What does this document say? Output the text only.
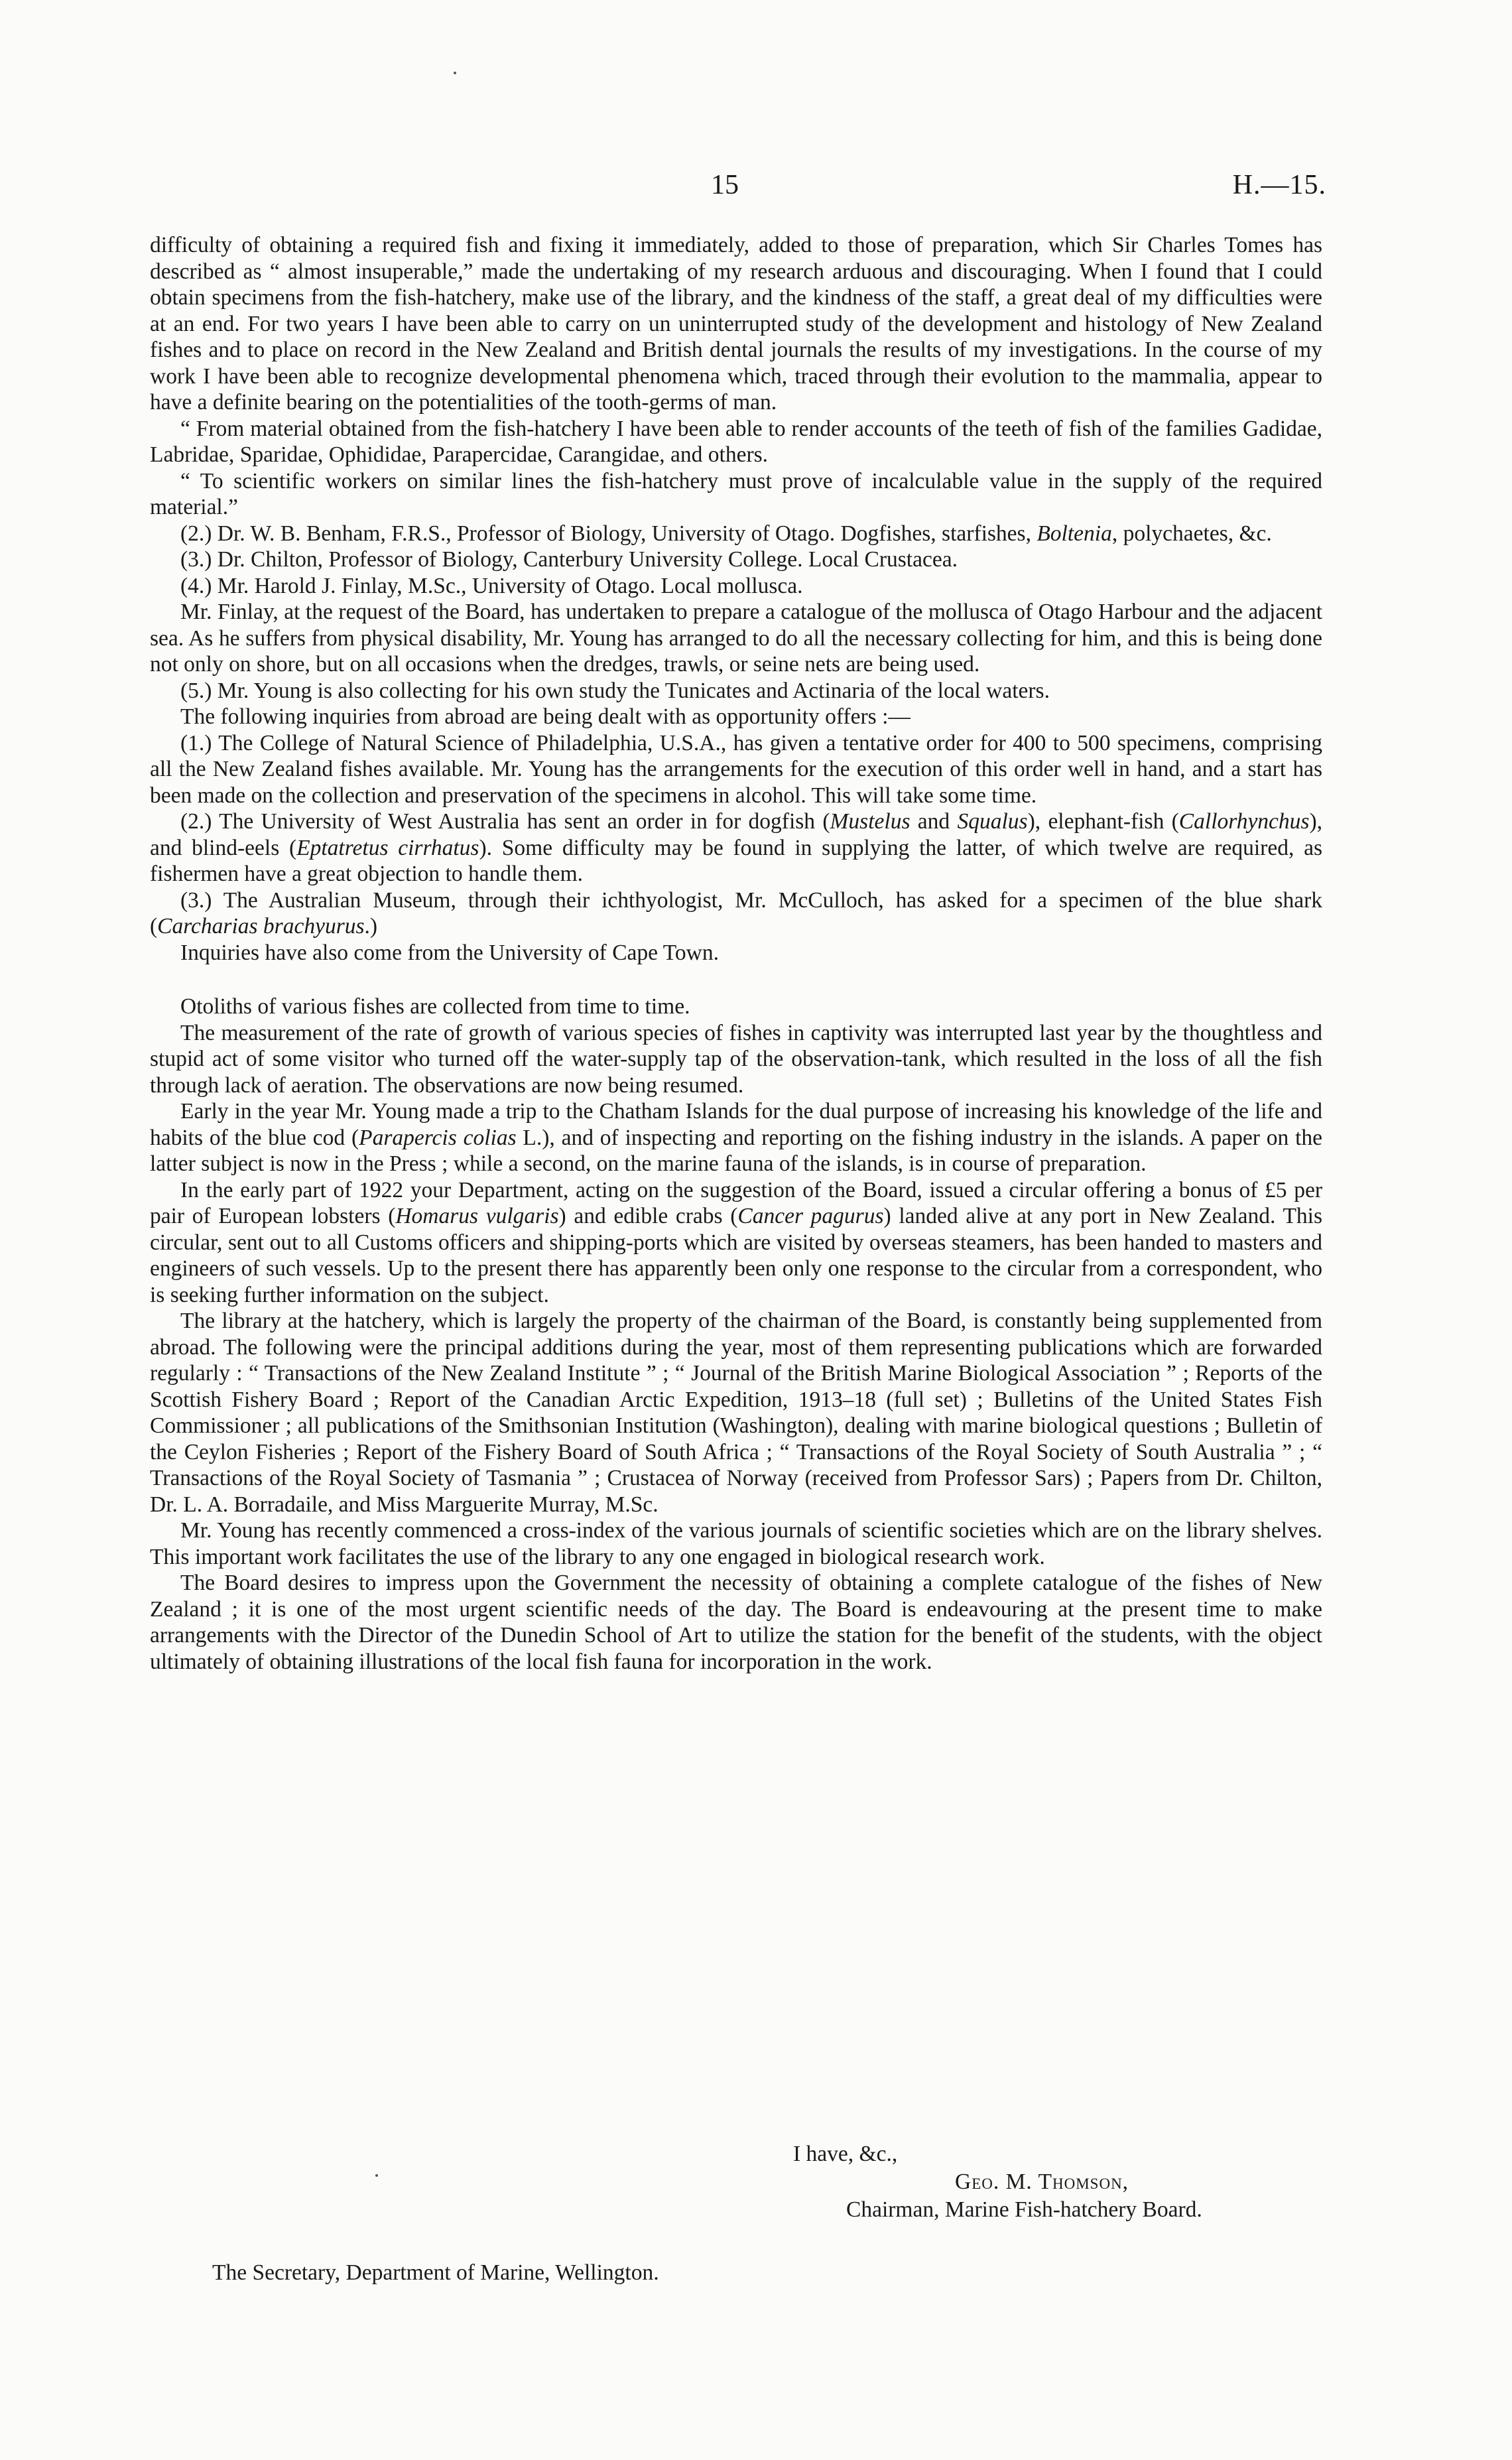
15	H.—15.

difficulty of obtaining a required fish and fixing it immediately, added to those of preparation, which Sir Charles Tomes has described as “ almost insuperable,” made the undertaking of my research arduous and discouraging. When I found that I could obtain specimens from the fish-hatchery, make use of the library, and the kindness of the staff, a great deal of my difficulties were at an end. For two years I have been able to carry on un uninterrupted study of the development and histology of New Zealand fishes and to place on record in the New Zealand and British dental journals the results of my investigations. In the course of my work I have been able to recognize developmental phenomena which, traced through their evolution to the mammalia, appear to have a definite bearing on the potentialities of the tooth-germs of man.

“ From material obtained from the fish-hatchery I have been able to render accounts of the teeth of fish of the families Gadidae, Labridae, Sparidae, Ophididae, Parapercidae, Carangidae, and others.

“ To scientific workers on similar lines the fish-hatchery must prove of incalculable value in the supply of the required material.”

(2.) Dr. W. B. Benham, F.R.S., Professor of Biology, University of Otago. Dogfishes, starfishes, Boltenia, polychaetes, &c.

(3.) Dr. Chilton, Professor of Biology, Canterbury University College. Local Crustacea.

(4.) Mr. Harold J. Finlay, M.Sc., University of Otago. Local mollusca.

Mr. Finlay, at the request of the Board, has undertaken to prepare a catalogue of the mollusca of Otago Harbour and the adjacent sea. As he suffers from physical disability, Mr. Young has arranged to do all the necessary collecting for him, and this is being done not only on shore, but on all occasions when the dredges, trawls, or seine nets are being used.

(5.) Mr. Young is also collecting for his own study the Tunicates and Actinaria of the local waters.

The following inquiries from abroad are being dealt with as opportunity offers :—

(1.) The College of Natural Science of Philadelphia, U.S.A., has given a tentative order for 400 to 500 specimens, comprising all the New Zealand fishes available. Mr. Young has the arrangements for the execution of this order well in hand, and a start has been made on the collection and preservation of the specimens in alcohol. This will take some time.

(2.) The University of West Australia has sent an order in for dogfish (Mustelus and Squalus), elephant-fish (Callorhynchus), and blind-eels (Eptatretus cirrhatus). Some difficulty may be found in supplying the latter, of which twelve are required, as fishermen have a great objection to handle them.

(3.) The Australian Museum, through their ichthyologist, Mr. McCulloch, has asked for a specimen of the blue shark (Carcharias brachyurus.)

Inquiries have also come from the University of Cape Town.

Otoliths of various fishes are collected from time to time.

The measurement of the rate of growth of various species of fishes in captivity was interrupted last year by the thoughtless and stupid act of some visitor who turned off the water-supply tap of the observation-tank, which resulted in the loss of all the fish through lack of aeration. The observations are now being resumed.

Early in the year Mr. Young made a trip to the Chatham Islands for the dual purpose of increasing his knowledge of the life and habits of the blue cod (Parapercis colias L.), and of inspecting and reporting on the fishing industry in the islands. A paper on the latter subject is now in the Press ; while a second, on the marine fauna of the islands, is in course of preparation.

In the early part of 1922 your Department, acting on the suggestion of the Board, issued a circular offering a bonus of £5 per pair of European lobsters (Homarus vulgaris) and edible crabs (Cancer pagurus) landed alive at any port in New Zealand. This circular, sent out to all Customs officers and shipping-ports which are visited by overseas steamers, has been handed to masters and engineers of such vessels. Up to the present there has apparently been only one response to the circular from a correspondent, who is seeking further information on the subject.

The library at the hatchery, which is largely the property of the chairman of the Board, is constantly being supplemented from abroad. The following were the principal additions during the year, most of them representing publications which are forwarded regularly : “ Transactions of the New Zealand Institute ” ; “ Journal of the British Marine Biological Association ” ; Reports of the Scottish Fishery Board ; Report of the Canadian Arctic Expedition, 1913–18 (full set) ; Bulletins of the United States Fish Commissioner ; all publications of the Smithsonian Institution (Washington), dealing with marine biological questions ; Bulletin of the Ceylon Fisheries ; Report of the Fishery Board of South Africa ; “ Transactions of the Royal Society of South Australia ” ; “ Transactions of the Royal Society of Tasmania ” ; Crustacea of Norway (received from Professor Sars) ; Papers from Dr. Chilton, Dr. L. A. Borradaile, and Miss Marguerite Murray, M.Sc.

Mr. Young has recently commenced a cross-index of the various journals of scientific societies which are on the library shelves. This important work facilitates the use of the library to any one engaged in biological research work.

The Board desires to impress upon the Government the necessity of obtaining a complete catalogue of the fishes of New Zealand ; it is one of the most urgent scientific needs of the day. The Board is endeavouring at the present time to make arrangements with the Director of the Dunedin School of Art to utilize the station for the benefit of the students, with the object ultimately of obtaining illustrations of the local fish fauna for incorporation in the work.

I have, &c.,
Geo. M. Thomson,
Chairman, Marine Fish-hatchery Board.
The Secretary, Department of Marine, Wellington.
